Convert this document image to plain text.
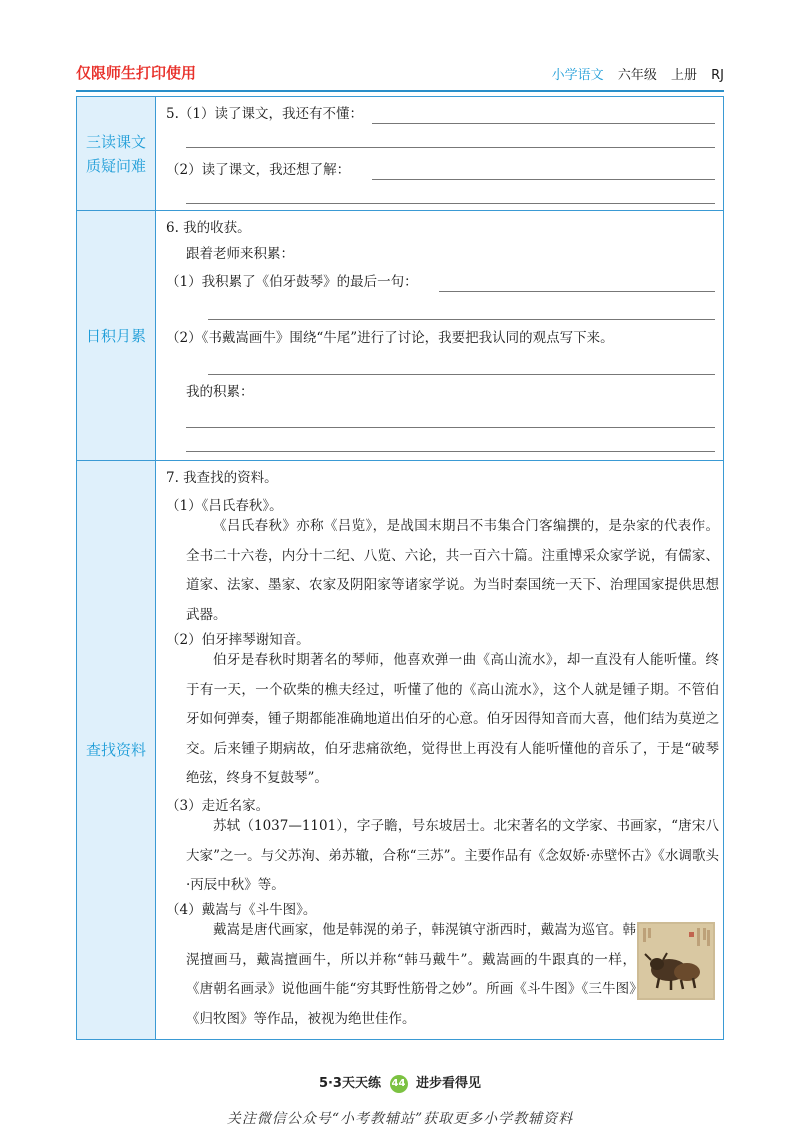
仅限师生打印使用	小学语文 六年级 上册 RJ
三读课文
质疑问难
5.（1）读了课文，我还有不懂：
（2）读了课文，我还想了解：
日积月累
6. 我的收获。
跟着老师来积累：
（1）我积累了《伯牙鼓琴》的最后一句：
（2）《书戴嵩画牛》围绕“牛尾”进行了讨论，我要把我认同的观点写下来。
我的积累：
查找资料
7. 我查找的资料。
（1）《吕氏春秋》。
《吕氏春秋》亦称《吕览》，是战国末期吕不韦集合门客编撰的，是杂家的代表作。全书二十六卷，内分十二纪、八览、六论，共一百六十篇。注重博采众家学说，有儒家、道家、法家、墨家、农家及阴阳家等诸家学说。为当时秦国统一天下、治理国家提供思想武器。
（2）伯牙摔琴谢知音。
伯牙是春秋时期著名的琴师，他喜欢弹一曲《高山流水》，却一直没有人能听懂。终于有一天，一个砍柴的樵夫经过，听懂了他的《高山流水》，这个人就是锺子期。不管伯牙如何弹奏，锺子期都能准确地道出伯牙的心意。伯牙因得知音而大喜，他们结为莫逆之交。后来锺子期病故，伯牙悲痛欲绝，觉得世上再没有人能听懂他的音乐了，于是“破琴绝弦，终身不复鼓琴”。
（3）走近名家。
苏轼（1037—1101），字子瞻，号东坡居士。北宋著名的文学家、书画家，“唐宋八大家”之一。与父苏洵、弟苏辙，合称“三苏”。主要作品有《念奴娇·赤壁怀古》《水调歌头·丙辰中秋》等。
（4）戴嵩与《斗牛图》。
戴嵩是唐代画家，他是韩滉的弟子，韩滉镇守浙西时，戴嵩为巡官。韩滉擅画马，戴嵩擅画牛，所以并称“韩马戴牛”。戴嵩画的牛跟真的一样，《唐朝名画录》说他画牛能“穷其野性筋骨之妙”。所画《斗牛图》《三牛图》《归牧图》等作品，被视为绝世佳作。
5·3天天练 44 进步看得见
关注微信公众号“小考教辅站”获取更多小学教辅资料
